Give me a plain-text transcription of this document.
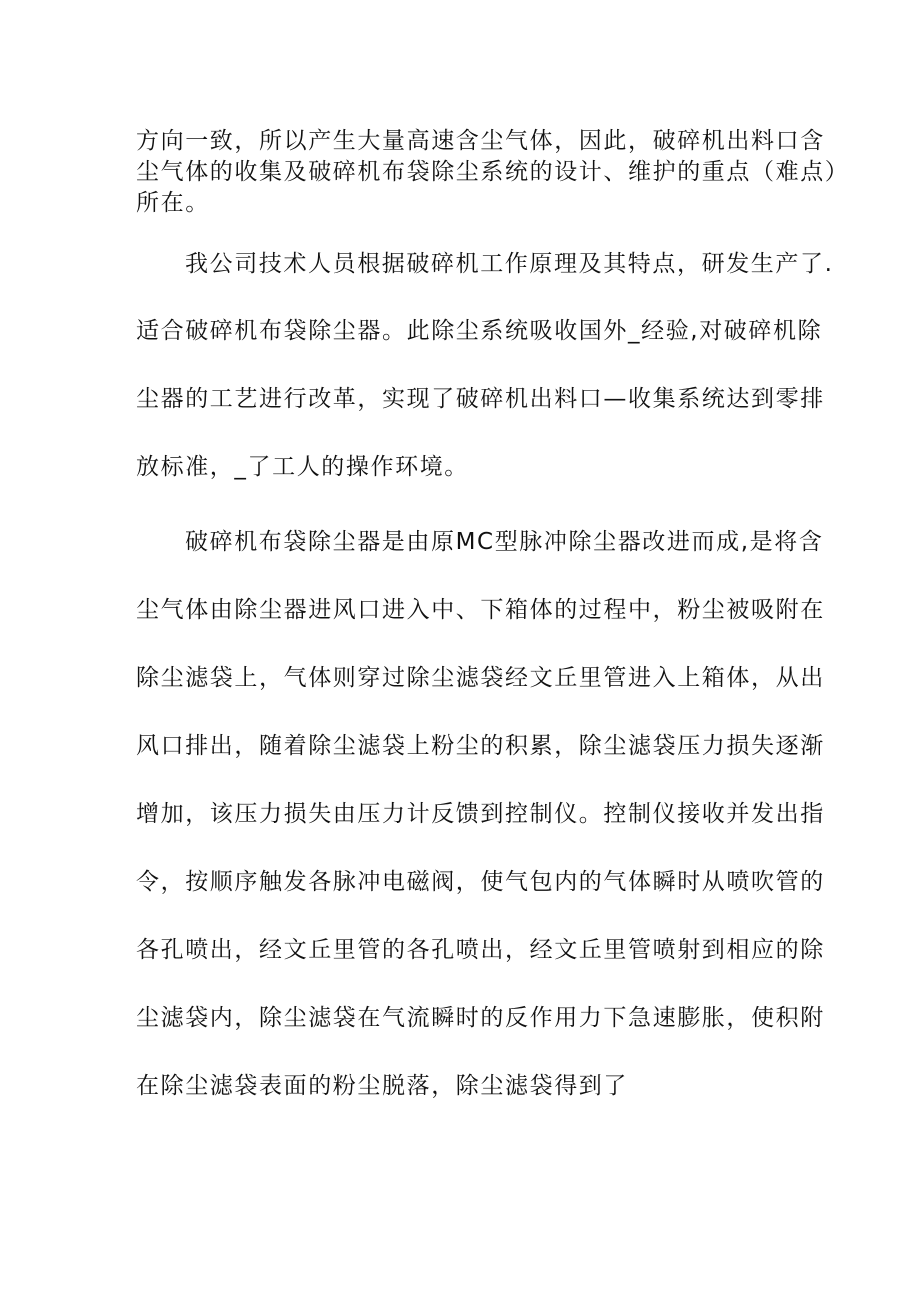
方向一致，所以产生大量高速含尘气体，因此，破碎机出料口含
尘气体的收集及破碎机布袋除尘系统的设计、维护的重点（难点）
所在。
我公司技术人员根据破碎机工作原理及其特点，研发生产了.
适合破碎机布袋除尘器。此除尘系统吸收国外_经验,对破碎机除
尘器的工艺进行改革，实现了破碎机出料口—收集系统达到零排
放标准，_了工人的操作环境。
破碎机布袋除尘器是由原MC型脉冲除尘器改进而成,是将含
尘气体由除尘器进风口进入中、下箱体的过程中，粉尘被吸附在
除尘滤袋上，气体则穿过除尘滤袋经文丘里管进入上箱体，从出
风口排出，随着除尘滤袋上粉尘的积累，除尘滤袋压力损失逐渐
增加，该压力损失由压力计反馈到控制仪。控制仪接收并发出指
令，按顺序触发各脉冲电磁阀，使气包内的气体瞬时从喷吹管的
各孔喷出，经文丘里管的各孔喷出，经文丘里管喷射到相应的除
尘滤袋内，除尘滤袋在气流瞬时的反作用力下急速膨胀，使积附
在除尘滤袋表面的粉尘脱落，除尘滤袋得到了
